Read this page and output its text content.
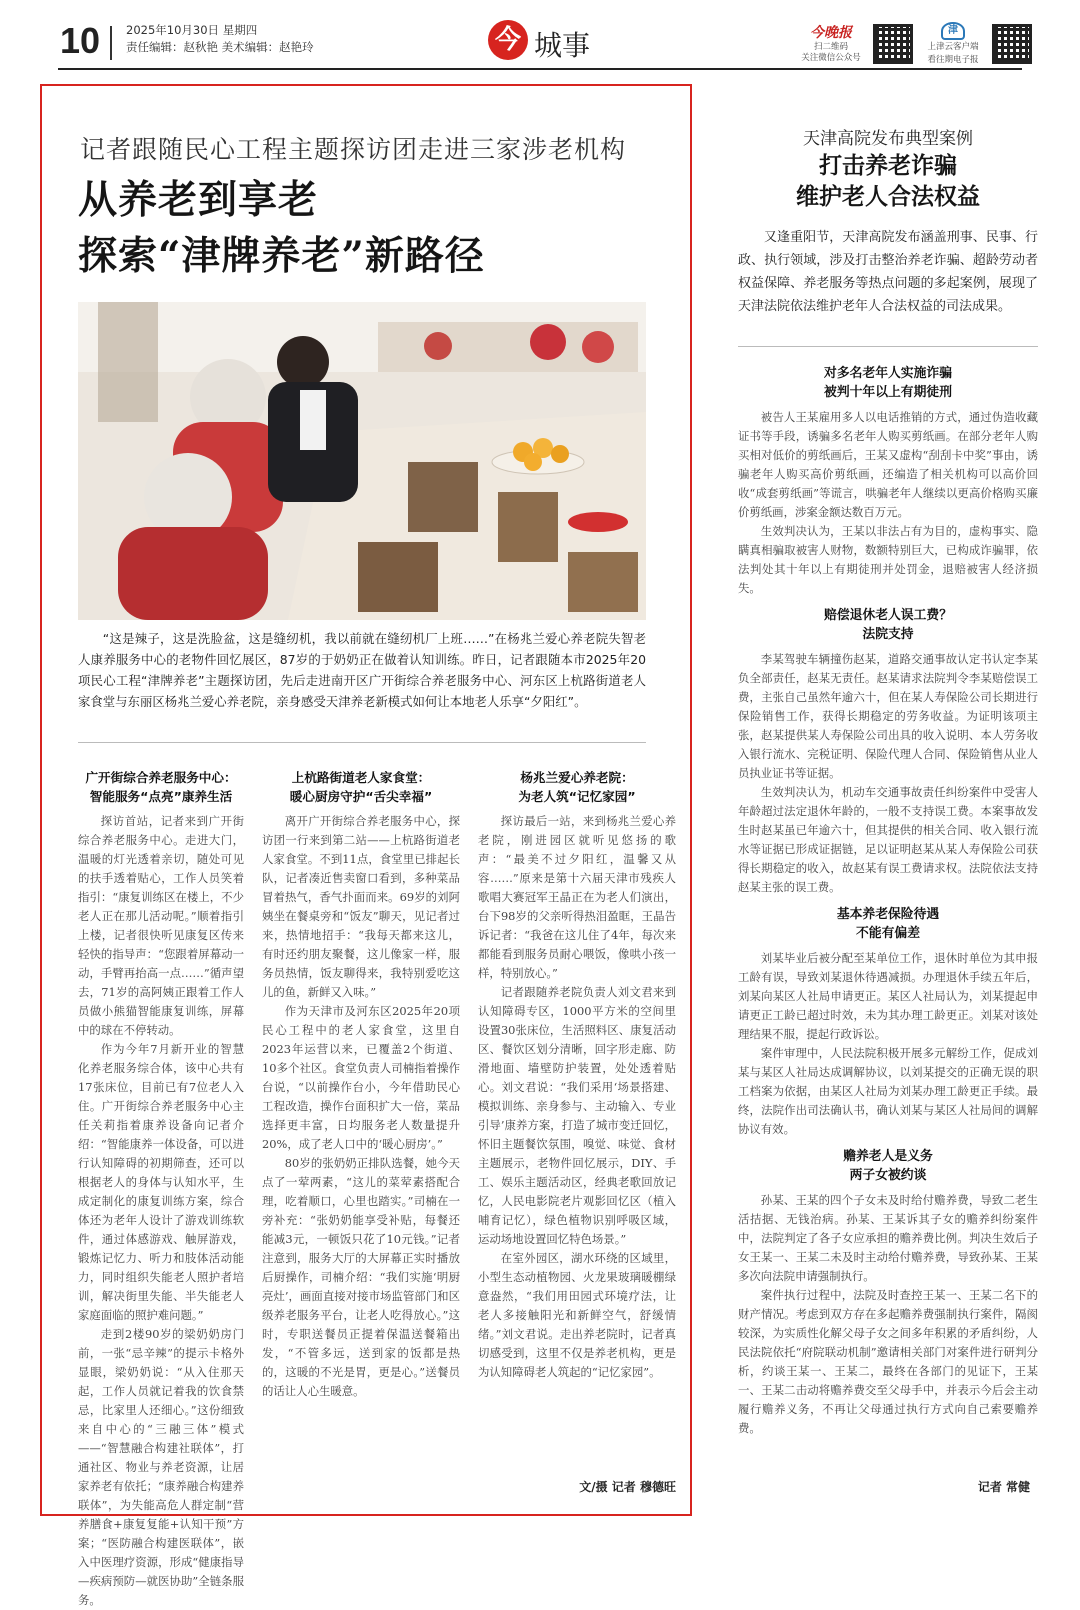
10 2025年10月30日 星期四
责任编辑：赵秋艳 美术编辑：赵艳玲	今 城事	今晚报
扫二维码
关注微信公众号
津
上津云客户端
看往期电子报
记者跟随民心工程主题探访团走进三家涉老机构
从养老到享老
探索“津牌养老”新路径
“这是辣子，这是洗脸盆，这是缝纫机，我以前就在缝纫机厂上班……”在杨兆兰爱心养老院失智老人康养服务中心的老物件回忆展区，87岁的于奶奶正在做着认知训练。昨日，记者跟随本市2025年20项民心工程“津牌养老”主题探访团，先后走进南开区广开街综合养老服务中心、河东区上杭路街道老人家食堂与东丽区杨兆兰爱心养老院，亲身感受天津养老新模式如何让本地老人乐享“夕阳红”。
广开街综合养老服务中心：
智能服务“点亮”康养生活

探访首站，记者来到广开街综合养老服务中心。走进大门，温暖的灯光透着亲切，随处可见的扶手透着贴心，工作人员笑着指引：“康复训练区在楼上，不少老人正在那儿活动呢。”顺着指引上楼，记者很快听见康复区传来轻快的指导声：“您跟着屏幕动一动，手臂再抬高一点……”循声望去，71岁的高阿姨正跟着工作人员做小熊猫智能康复训练，屏幕中的球在不停转动。

作为今年7月新开业的智慧化养老服务综合体，该中心共有17张床位，目前已有7位老人入住。广开街综合养老服务中心主任关莉指着康养设备向记者介绍：“智能康养一体设备，可以进行认知障碍的初期筛查，还可以根据老人的身体与认知水平，生成定制化的康复训练方案，综合体还为老年人设计了游戏训练软件，通过体感游戏、触屏游戏，锻炼记忆力、听力和肢体活动能力，同时组织失能老人照护者培训，解决街里失能、半失能老人家庭面临的照护难问题。”

走到2楼90岁的梁奶奶房门前，一张“忌辛辣”的提示卡格外显眼，梁奶奶说：“从入住那天起，工作人员就记着我的饮食禁忌，比家里人还细心。”这份细致来自中心的“三融三体”模式——“智慧融合构建社联体”，打通社区、物业与养老资源，让居家养老有依托；“康养融合构建养联体”，为失能高危人群定制“营养膳食+康复复能+认知干预”方案；“医防融合构建医联体”，嵌入中医理疗资源，形成“健康指导—疾病预防—就医协助”全链条服务。

上杭路街道老人家食堂：
暖心厨房守护“舌尖幸福”

离开广开街综合养老服务中心，探访团一行来到第二站——上杭路街道老人家食堂。不到11点，食堂里已排起长队，记者凑近售卖窗口看到，多种菜品冒着热气，香气扑面而来。69岁的刘阿姨坐在餐桌旁和“饭友”聊天，见记者过来，热情地招手：“我每天都来这儿，有时还约朋友聚餐，这儿像家一样，服务员热情，饭友聊得来，我特别爱吃这儿的鱼，新鲜又入味。”

作为天津市及河东区2025年20项民心工程中的老人家食堂，这里自2023年运营以来，已覆盖2个街道、10多个社区。食堂负责人司楠指着操作台说，“以前操作台小，今年借助民心工程改造，操作台面积扩大一倍，菜品选择更丰富，日均服务老人数量提升20%，成了老人口中的‘暖心厨房’。”

80岁的张奶奶正排队选餐，她今天点了一荤两素，“这儿的菜荤素搭配合理，吃着顺口，心里也踏实。”司楠在一旁补充：“张奶奶能享受补贴，每餐还能减3元，一顿饭只花了10元钱。”记者注意到，服务大厅的大屏幕正实时播放后厨操作，司楠介绍：“我们实施‘明厨亮灶’，画面直接对接市场监管部门和区级养老服务平台，让老人吃得放心。”这时，专职送餐员正提着保温送餐箱出发，“不管多远，送到家的饭都是热的，这暖的不光是胃，更是心。”送餐员的话让人心生暖意。

杨兆兰爱心养老院：
为老人筑“记忆家园”

探访最后一站，来到杨兆兰爱心养老院，刚进园区就听见悠扬的歌声：“最美不过夕阳红，温馨又从容……”原来是第十六届天津市残疾人歌唱大赛冠军王晶正在为老人们演出，台下98岁的父亲听得热泪盈眶，王晶告诉记者：“我爸在这儿住了4年，每次来都能看到服务员耐心喂饭，像哄小孩一样，特别放心。”

记者跟随养老院负责人刘文君来到认知障碍专区，1000平方米的空间里设置30张床位，生活照料区、康复活动区、餐饮区划分清晰，回字形走廊、防滑地面、墙壁防护装置，处处透着贴心。刘文君说：“我们采用‘场景搭建、模拟训练、亲身参与、主动输入、专业引导’康养方案，打造了城市变迁回忆，怀旧主题餐饮氛围，嗅觉、味觉、食材主题展示，老物件回忆展示，DIY、手工、娱乐主题活动区，经典老歌回放记忆，人民电影院老片观影回忆区（植入哺育记忆），绿色植物识别呼吸区域，运动场地设置回忆特色场景。”

在室外园区，湖水环绕的区域里，小型生态动植物园、火龙果玻璃暖棚绿意盎然，“我们用田园式环境疗法，让老人多接触阳光和新鲜空气，舒缓情绪。”刘文君说。走出养老院时，记者真切感受到，这里不仅是养老机构，更是为认知障碍老人筑起的“记忆家园”。

文/摄 记者 穆德旺
天津高院发布典型案例
打击养老诈骗
维护老人合法权益
又逢重阳节，天津高院发布涵盖刑事、民事、行政、执行领域，涉及打击整治养老诈骗、超龄劳动者权益保障、养老服务等热点问题的多起案例，展现了天津法院依法维护老年人合法权益的司法成果。
对多名老年人实施诈骗
被判十年以上有期徒刑

被告人王某雇用多人以电话推销的方式，通过伪造收藏证书等手段，诱骗多名老年人购买剪纸画。在部分老年人购买相对低价的剪纸画后，王某又虚构“刮刮卡中奖”事由，诱骗老年人购买高价剪纸画，还编造了相关机构可以高价回收“成套剪纸画”等谎言，哄骗老年人继续以更高价格购买廉价剪纸画，涉案金额达数百万元。

生效判决认为，王某以非法占有为目的，虚构事实、隐瞒真相骗取被害人财物，数额特别巨大，已构成诈骗罪，依法判处其十年以上有期徒刑并处罚金，退赔被害人经济损失。

赔偿退休老人误工费？
法院支持

李某驾驶车辆撞伤赵某，道路交通事故认定书认定李某负全部责任，赵某无责任。赵某请求法院判令李某赔偿误工费，主张自己虽然年逾六十，但在某人寿保险公司长期进行保险销售工作，获得长期稳定的劳务收益。为证明该项主张，赵某提供某人寿保险公司出具的收入说明、本人劳务收入银行流水、完税证明、保险代理人合同、保险销售从业人员执业证书等证据。

生效判决认为，机动车交通事故责任纠纷案件中受害人年龄超过法定退休年龄的，一般不支持误工费。本案事故发生时赵某虽已年逾六十，但其提供的相关合同、收入银行流水等证据已形成证据链，足以证明赵某从某人寿保险公司获得长期稳定的收入，故赵某有误工费请求权。法院依法支持赵某主张的误工费。

基本养老保险待遇
不能有偏差

刘某毕业后被分配至某单位工作，退休时单位为其申报工龄有误，导致刘某退休待遇减损。办理退休手续五年后，刘某向某区人社局申请更正。某区人社局认为，刘某提起申请更正工龄已超过时效，未为其办理工龄更正。刘某对该处理结果不服，提起行政诉讼。

案件审理中，人民法院积极开展多元解纷工作，促成刘某与某区人社局达成调解协议，以刘某提交的正确无误的职工档案为依据，由某区人社局为刘某办理工龄更正手续。最终，法院作出司法确认书，确认刘某与某区人社局间的调解协议有效。

赡养老人是义务
两子女被约谈

孙某、王某的四个子女未及时给付赡养费，导致二老生活拮据、无钱治病。孙某、王某诉其子女的赡养纠纷案件中，法院判定了各子女应承担的赡养费比例。判决生效后子女王某一、王某二未及时主动给付赡养费，导致孙某、王某多次向法院申请强制执行。

案件执行过程中，法院及时查控王某一、王某二名下的财产情况。考虑到双方存在多起赡养费强制执行案件，隔阂较深，为实质性化解父母子女之间多年积累的矛盾纠纷，人民法院依托“府院联动机制”邀请相关部门对案件进行研判分析，约谈王某一、王某二，最终在各部门的见证下，王某一、王某二击动将赡养费交至父母手中，并表示今后会主动履行赡养义务，不再让父母通过执行方式向自己索要赡养费。

记者 常健
